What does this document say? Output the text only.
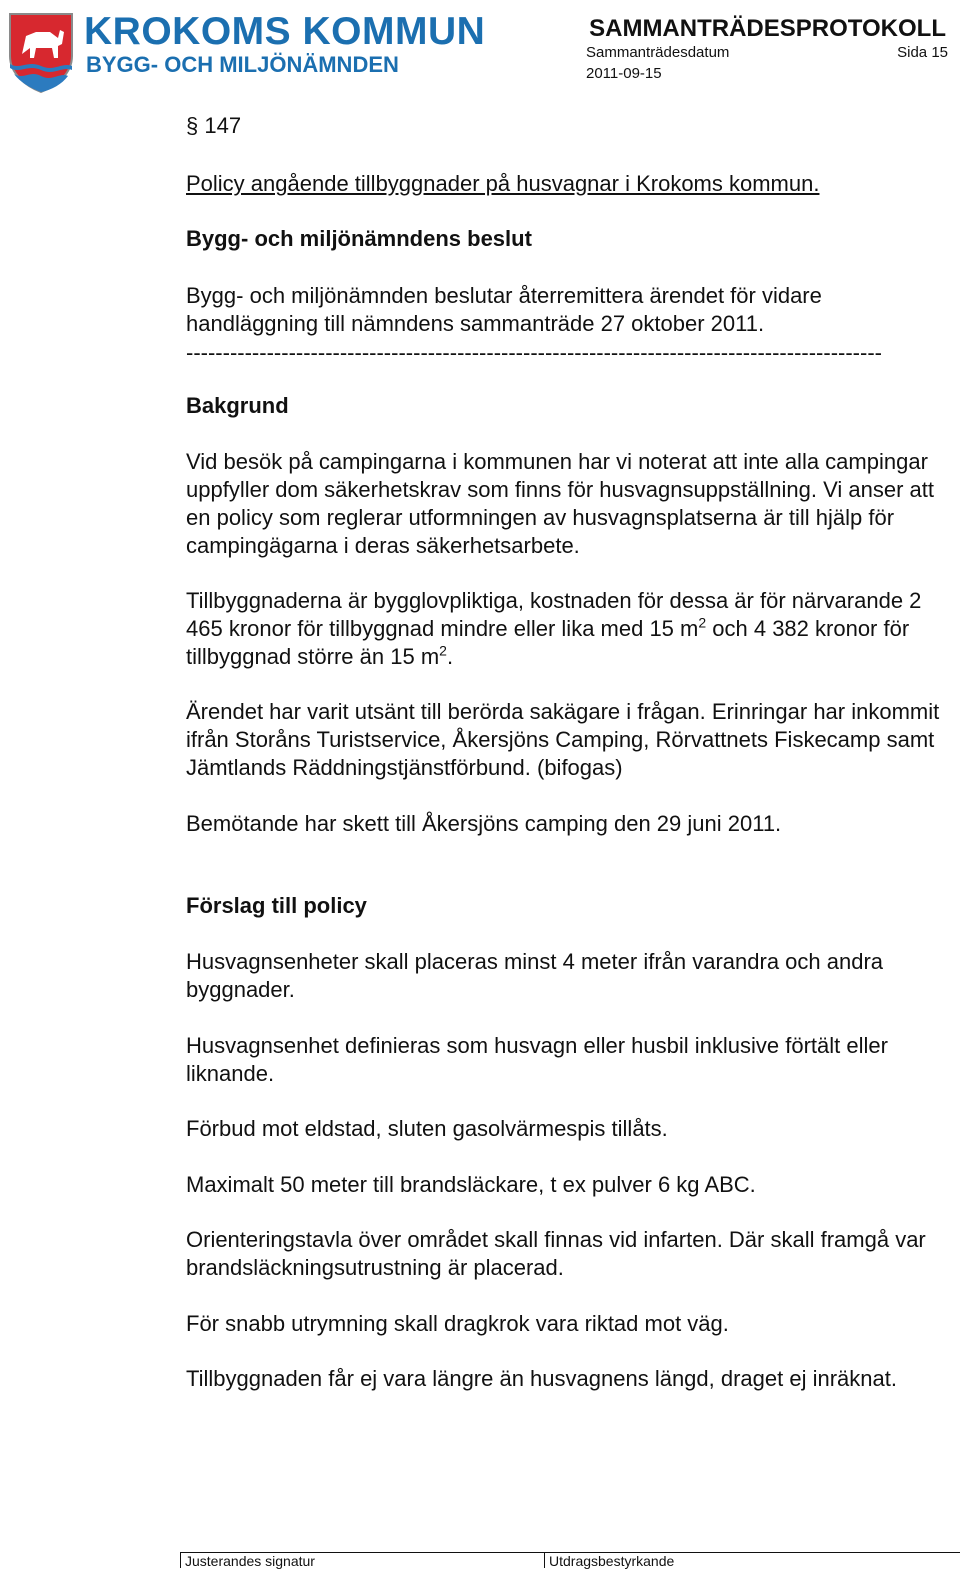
KROKOMS KOMMUN
BYGG- OCH MILJÖNÄMNDEN
SAMMANTRÄDESPROTOKOLL
Sammanträdesdatum	Sida 15
2011-09-15
§ 147
Policy angående tillbyggnader på husvagnar i Krokoms kommun.
Bygg- och miljönämndens beslut

Bygg- och miljönämnden beslutar återremittera ärendet för vidare handläggning till nämndens sammanträde 27 oktober 2011.

-----------------------------------------------------------------------------------------------
Bakgrund

Vid besök på campingarna i kommunen har vi noterat att inte alla campingar uppfyller dom säkerhetskrav som finns för husvagnsuppställning. Vi anser att en policy som reglerar utformningen av husvagnsplatserna är till hjälp för campingägarna i deras säkerhetsarbete.

Tillbyggnaderna är bygglovpliktiga, kostnaden för dessa är för närvarande 2 465 kronor för tillbyggnad mindre eller lika med 15 $m^2$ och 4 382 kronor för tillbyggnad större än 15 $m^2$.

Ärendet har varit utsänt till berörda sakägare i frågan. Erinringar har inkommit ifrån Storåns Turistservice, Åkersjöns Camping, Rörvattnets Fiskecamp samt Jämtlands Räddningstjänstförbund. (bifogas)

Bemötande har skett till Åkersjöns camping den 29 juni 2011.

Förslag till policy

Husvagnsenheter skall placeras minst 4 meter ifrån varandra och andra byggnader.

Husvagnsenhet definieras som husvagn eller husbil inklusive förtält eller liknande.

Förbud mot eldstad, sluten gasolvärmespis tillåts.

Maximalt 50 meter till brandsläckare, t ex pulver 6 kg ABC.

Orienteringstavla över området skall finnas vid infarten. Där skall framgå var brandsläckningsutrustning är placerad.

För snabb utrymning skall dragkrok vara riktad mot väg.

Tillbyggnaden får ej vara längre än husvagnens längd, draget ej inräknat.

Justerandes signatur	Utdragsbestyrkande
